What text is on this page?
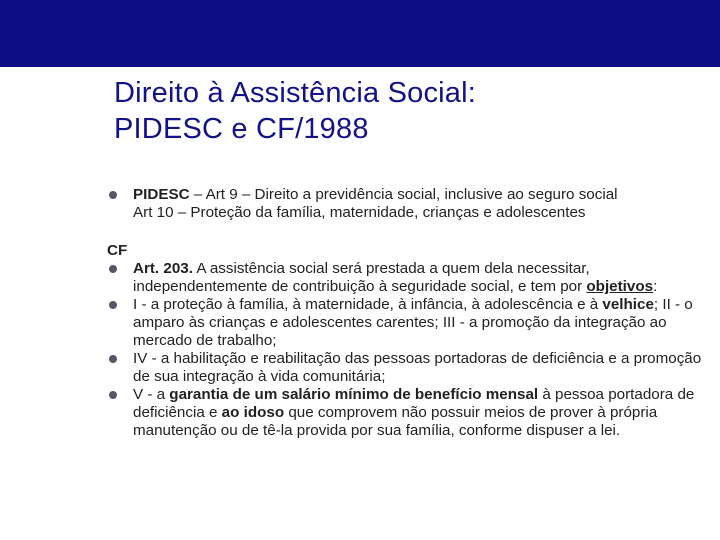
Direito à Assistência Social:
PIDESC e CF/1988
PIDESC – Art 9 – Direito a previdência social, inclusive ao seguro social
Art 10 – Proteção da família, maternidade, crianças e adolescentes
CF
Art. 203. A assistência social será prestada a quem dela necessitar, independentemente de contribuição à seguridade social, e tem por objetivos:
I - a proteção à família, à maternidade, à infância, à adolescência e à velhice; II - o amparo às crianças e adolescentes carentes; III - a promoção da integração ao mercado de trabalho;
IV - a habilitação e reabilitação das pessoas portadoras de deficiência e a promoção de sua integração à vida comunitária;
V - a garantia de um salário mínimo de benefício mensal à pessoa portadora de deficiência e ao idoso que comprovem não possuir meios de prover à própria manutenção ou de tê-la provida por sua família, conforme dispuser a lei.
